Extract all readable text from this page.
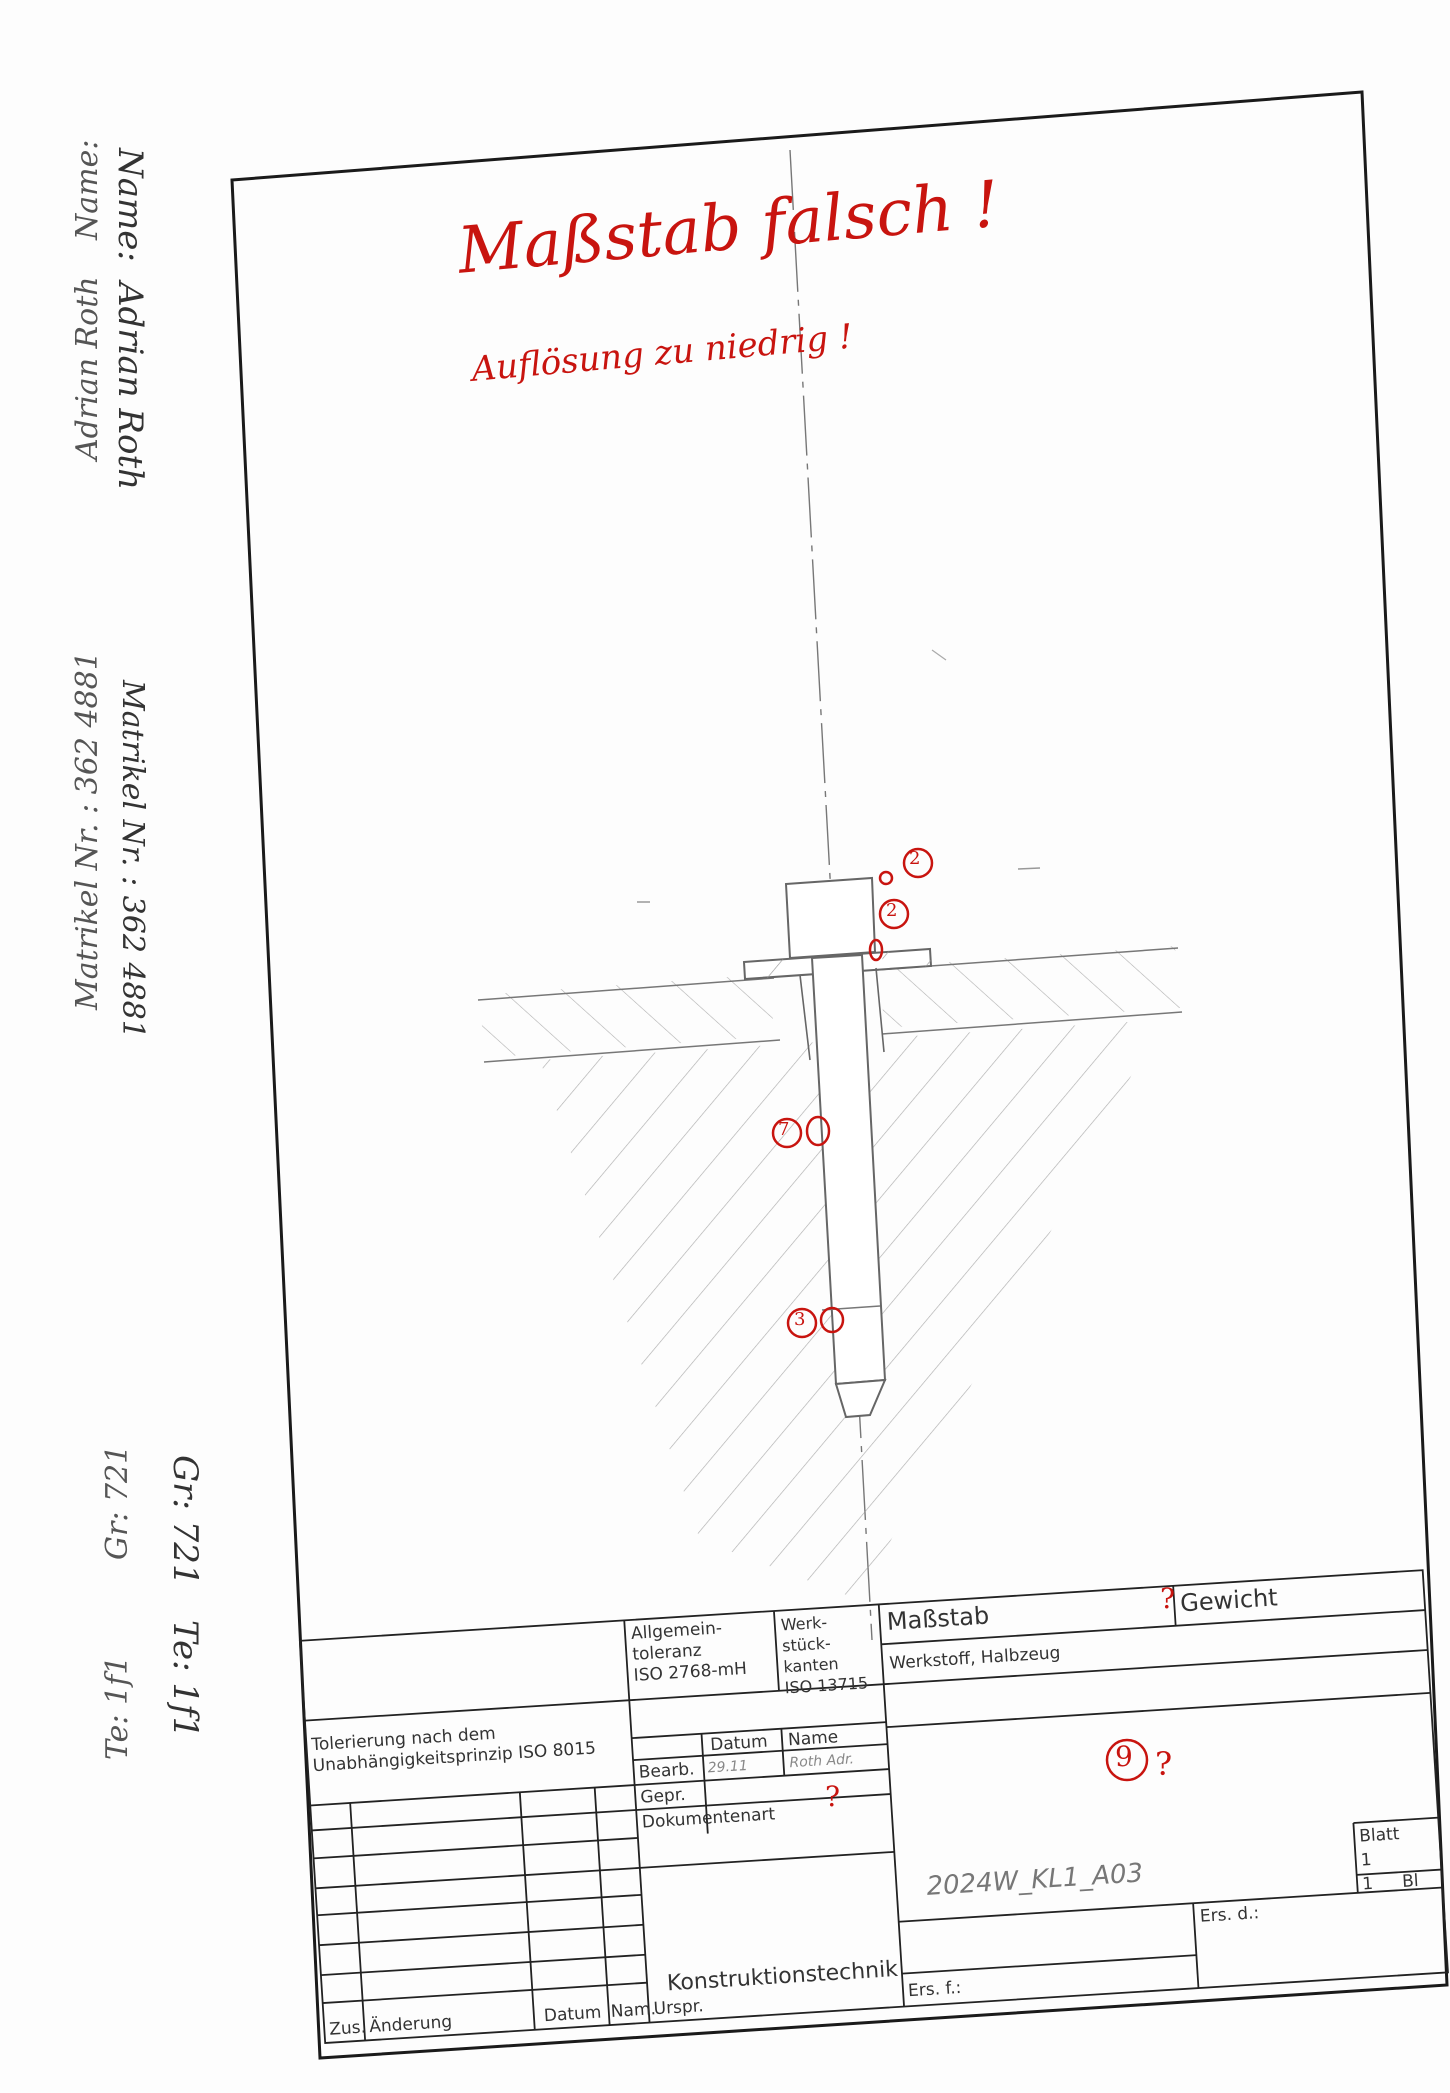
Name:
Adrian Roth
Matrikel Nr. : 362 4881
Gr: 721
Te: 1f1
Name:
Adrian Roth
Matrikel Nr. : 362 4881
Gr: 721
Te: 1f1
Maßstab falsch !
Auflösung zu niedrig !
2
2
7
3
9 ?
?
?
Tolerierung nach dem
Unabhängigkeitsprinzip ISO 8015
Allgemein-
toleranz
ISO 2768-mH
Werk-
stück-
kanten
ISO 13715
Maßstab
Gewicht
Werkstoff, Halbzeug
Datum Name
Bearb. 29.11	Roth Adr.
Gepr.
Dokumentenart
Konstruktionstechnik
2024W_KL1_A03
Blatt
1
1 Bl
Ers. f.:
Ers. d.:
Zus. Änderung	Datum Nam.
Urspr.
